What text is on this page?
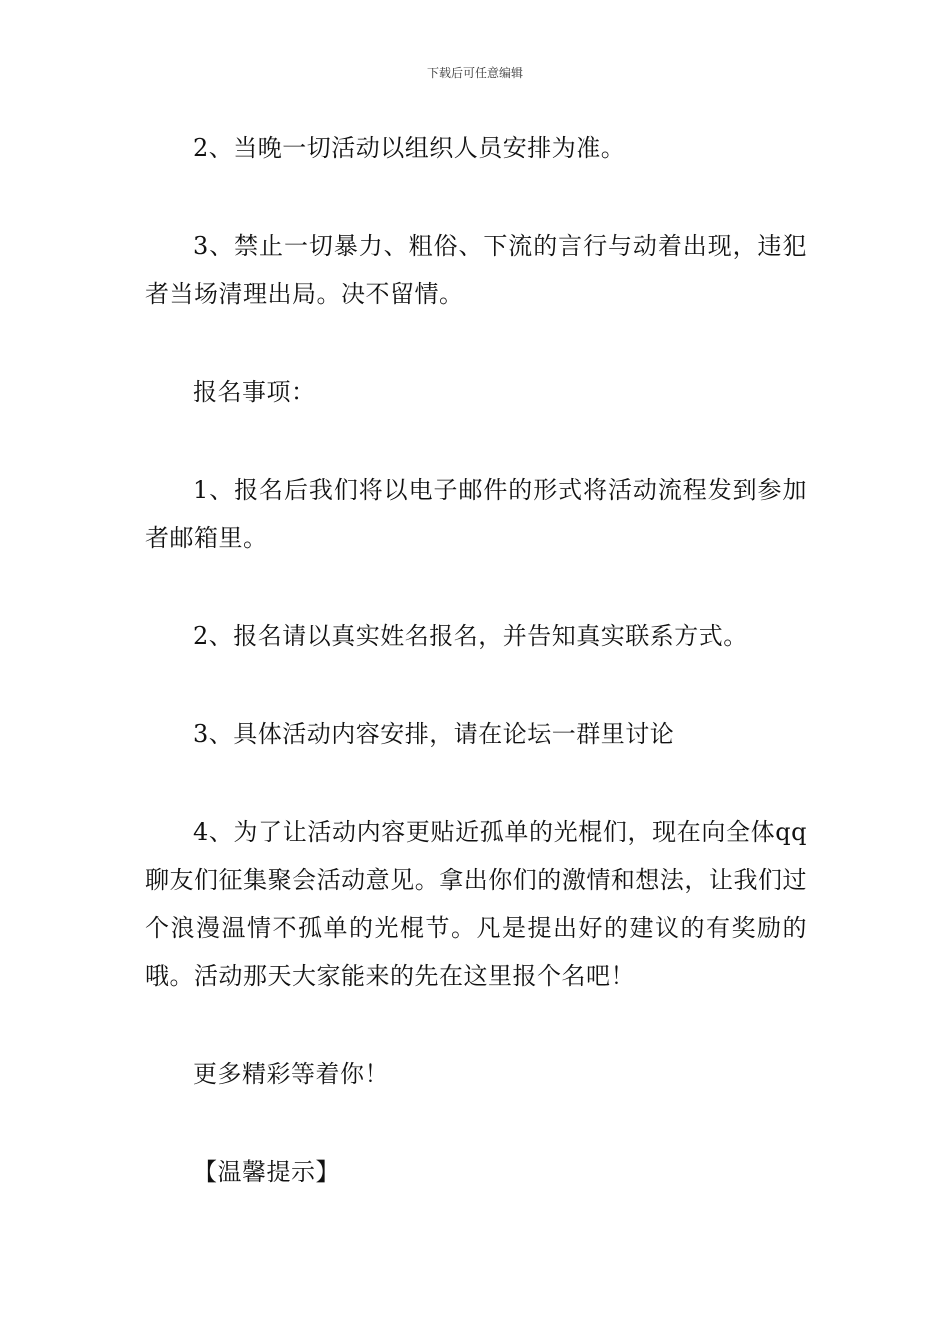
下载后可任意编辑

2、当晚一切活动以组织人员安排为准。

3、禁止一切暴力、粗俗、下流的言行与动着出现，违犯者当场清理出局。决不留情。

报名事项：

1、报名后我们将以电子邮件的形式将活动流程发到参加者邮箱里。

2、报名请以真实姓名报名，并告知真实联系方式。

3、具体活动内容安排，请在论坛一群里讨论

4、为了让活动内容更贴近孤单的光棍们，现在向全体qq聊友们征集聚会活动意见。拿出你们的激情和想法，让我们过个浪漫温情不孤单的光棍节。凡是提出好的建议的有奖励的哦。活动那天大家能来的先在这里报个名吧！

更多精彩等着你！

【温馨提示】
